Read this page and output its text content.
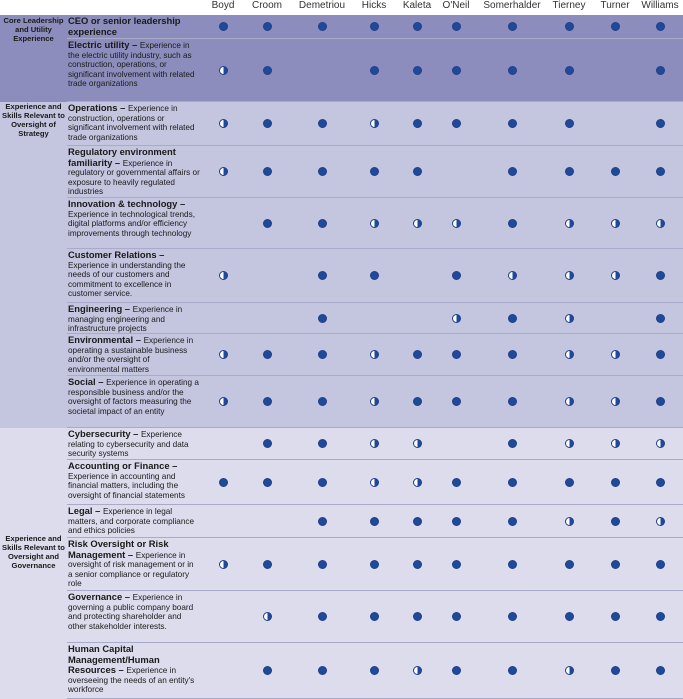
Boyd Croom Demetriou Hicks Kaleta O'Neil Somerhalder Tierney Turner Williams
CEO or senior leadership experience
Electric utility – Experience in the electric utility industry, such as construction, operations, or significant involvement with related trade organizations
Operations – Experience in construction, operations or significant involvement with related trade organizations
Regulatory environment familiarity – Experience in regulatory or governmental affairs or exposure to heavily regulated industries
Innovation & technology – Experience in technological trends, digital platforms and/or efficiency improvements through technology
Customer Relations – Experience in understanding the needs of our customers and commitment to excellence in customer service.
Engineering – Experience in managing engineering and infrastructure projects
Environmental – Experience in operating a sustainable business and/or the oversight of environmental matters
Social – Experience in operating a responsible business and/or the oversight of factors measuring the societal impact of an entity
Cybersecurity – Experience relating to cybersecurity and data security systems
Accounting or Finance – Experience in accounting and financial matters, including the oversight of financial statements
Legal – Experience in legal matters, and corporate compliance and ethics policies
Risk Oversight or Risk Management – Experience in oversight of risk management or in a senior compliance or regulatory role
Governance – Experience in governing a public company board and protecting shareholder and other stakeholder interests.
Human Capital Management/Human Resources – Experience in overseeing the needs of an entity's workforce
Core Leadership and Utility Experience
Experience and Skills Relevant to Oversight of Strategy
Experience and Skills Relevant to Oversight and Governance
